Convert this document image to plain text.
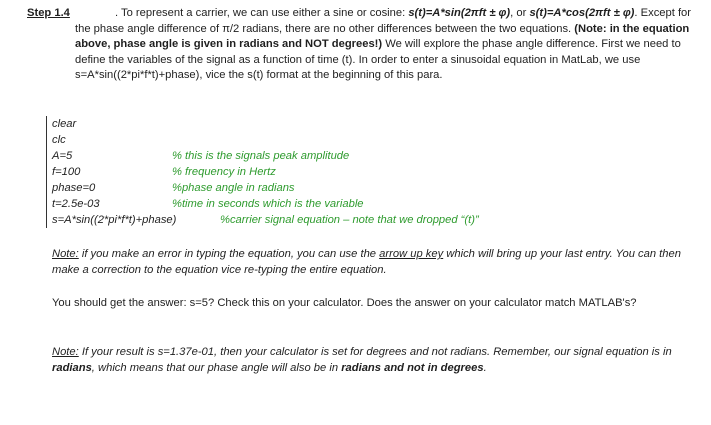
Step 1.4	. To represent a carrier, we can use either a sine or cosine: s(t)=A*sin(2πft ± φ), or s(t)=A*cos(2πft ± φ). Except for the phase angle difference of π/2 radians, there are no other differences between the two equations. (Note: in the equation above, phase angle is given in radians and NOT degrees!) We will explore the phase angle difference. First we need to define the variables of the signal as a function of time (t). In order to enter a sinusoidal equation in MatLab, we use s=A*sin((2*pi*f*t)+phase), vice the s(t) format at the beginning of this para.
clear
clc
A=5	% this is the signals peak amplitude
f=100	% frequency in Hertz
phase=0	%phase angle in radians
t=2.5e-03	%time in seconds which is the variable
s=A*sin((2*pi*f*t)+phase)	%carrier signal equation – note that we dropped “(t)”
Note: if you make an error in typing the equation, you can use the arrow up key which will bring up your last entry. You can then make a correction to the equation vice re-typing the entire equation.
You should get the answer: s=5? Check this on your calculator. Does the answer on your calculator match MATLAB's?
Note: If your result is s=1.37e-01, then your calculator is set for degrees and not radians. Remember, our signal equation is in radians, which means that our phase angle will also be in radians and not in degrees.
